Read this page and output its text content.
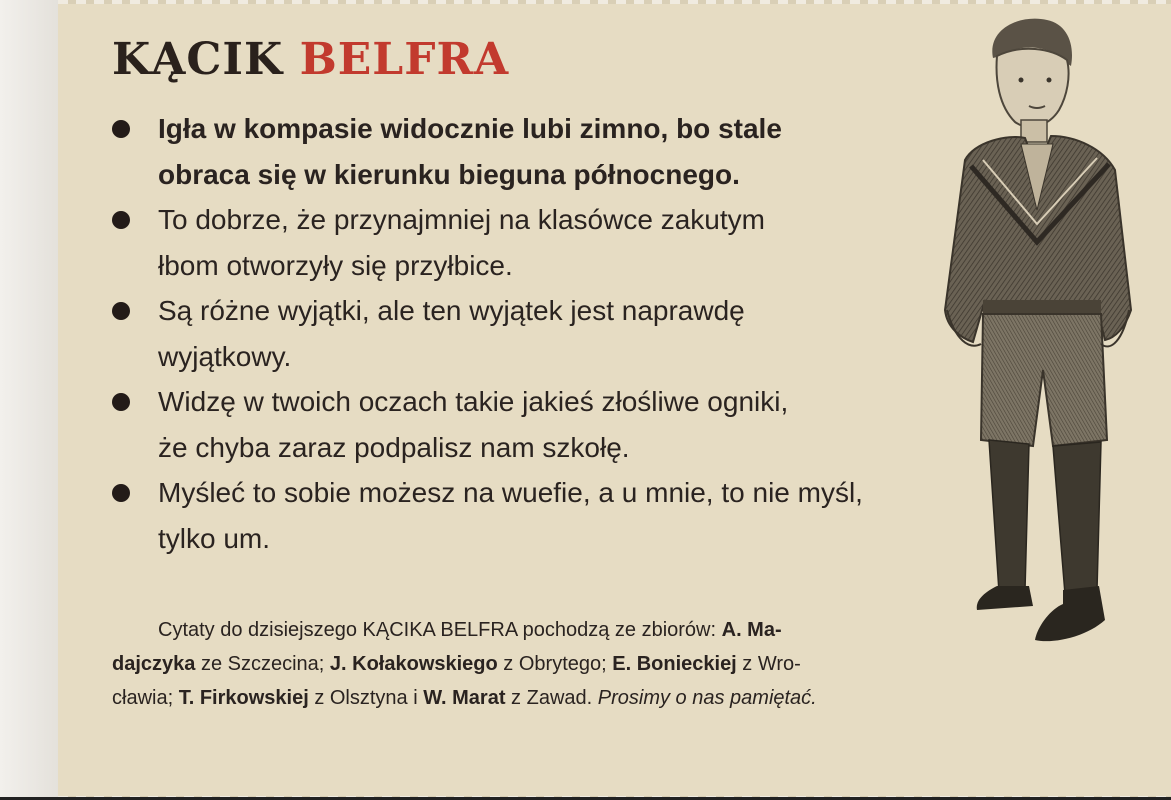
KĄCIK BELFRA
Igła w kompasie widocznie lubi zimno, bo stale
obraca się w kierunku bieguna północnego.
To dobrze, że przynajmniej na klasówce zakutym
łbom otworzyły się przyłbice.
Są różne wyjątki, ale ten wyjątek jest naprawdę
wyjątkowy.
Widzę w twoich oczach takie jakieś złośliwe ogniki,
że chyba zaraz podpalisz nam szkołę.
Myśleć to sobie możesz na wuefie, a u mnie, to nie myśl,
tylko um.
Cytaty do dzisiejszego KĄCIKA BELFRA pochodzą ze zbiorów: A. Ma-
dajczyka ze Szczecina; J. Kołakowskiego z Obrytego; E. Bonieckiej z Wro-
cławia; T. Firkowskiej z Olsztyna i W. Marat z Zawad. Prosimy o nas pamiętać.
